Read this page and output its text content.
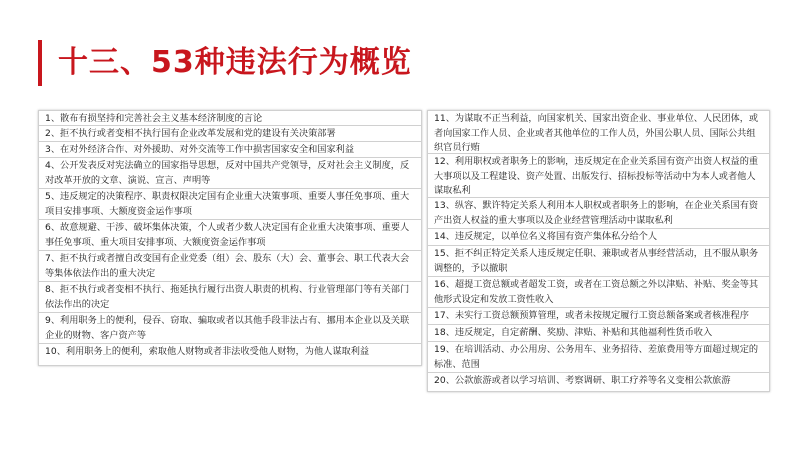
十三、53种违法行为概览
1、散布有损坚持和完善社会主义基本经济制度的言论
2、拒不执行或者变相不执行国有企业改革发展和党的建设有关决策部署
3、在对外经济合作、对外援助、对外交流等工作中损害国家安全和国家利益
4、公开发表反对宪法确立的国家指导思想，反对中国共产党领导，反对社会主义制度，反对改革开放的文章、演说、宣言、声明等
5、违反规定的决策程序、职责权限决定国有企业重大决策事项、重要人事任免事项、重大项目安排事项、大额度资金运作事项
6、故意规避、干涉、破坏集体决策，个人或者少数人决定国有企业重大决策事项、重要人事任免事项、重大项目安排事项、大额度资金运作事项
7、拒不执行或者擅自改变国有企业党委（组）会、股东（大）会、董事会、职工代表大会等集体依法作出的重大决定
8、拒不执行或者变相不执行、拖延执行履行出资人职责的机构、行业管理部门等有关部门依法作出的决定
9、利用职务上的便利，侵吞、窃取、骗取或者以其他手段非法占有、挪用本企业以及关联企业的财物、客户资产等
10、利用职务上的便利，索取他人财物或者非法收受他人财物，为他人谋取利益
11、为谋取不正当利益，向国家机关、国家出资企业、事业单位、人民团体，或者向国家工作人员、企业或者其他单位的工作人员，外国公职人员、国际公共组织官员行贿
12、利用职权或者职务上的影响，违反规定在企业关系国有资产出资人权益的重大事项以及工程建设、资产处置、出版发行、招标投标等活动中为本人或者他人谋取私利
13、纵容、默许特定关系人利用本人职权或者职务上的影响，在企业关系国有资产出资人权益的重大事项以及企业经营管理活动中谋取私利
14、违反规定，以单位名义将国有资产集体私分给个人
15、拒不纠正特定关系人违反规定任职、兼职或者从事经营活动，且不服从职务调整的，予以撤职
16、超提工资总额或者超发工资，或者在工资总额之外以津贴、补贴、奖金等其他形式设定和发放工资性收入
17、未实行工资总额预算管理，或者未按规定履行工资总额备案或者核准程序
18、违反规定，自定薪酬、奖励、津贴、补贴和其他福利性货币收入
19、在培训活动、办公用房、公务用车、业务招待、差旅费用等方面超过规定的标准、范围
20、公款旅游或者以学习培训、考察调研、职工疗养等名义变相公款旅游
